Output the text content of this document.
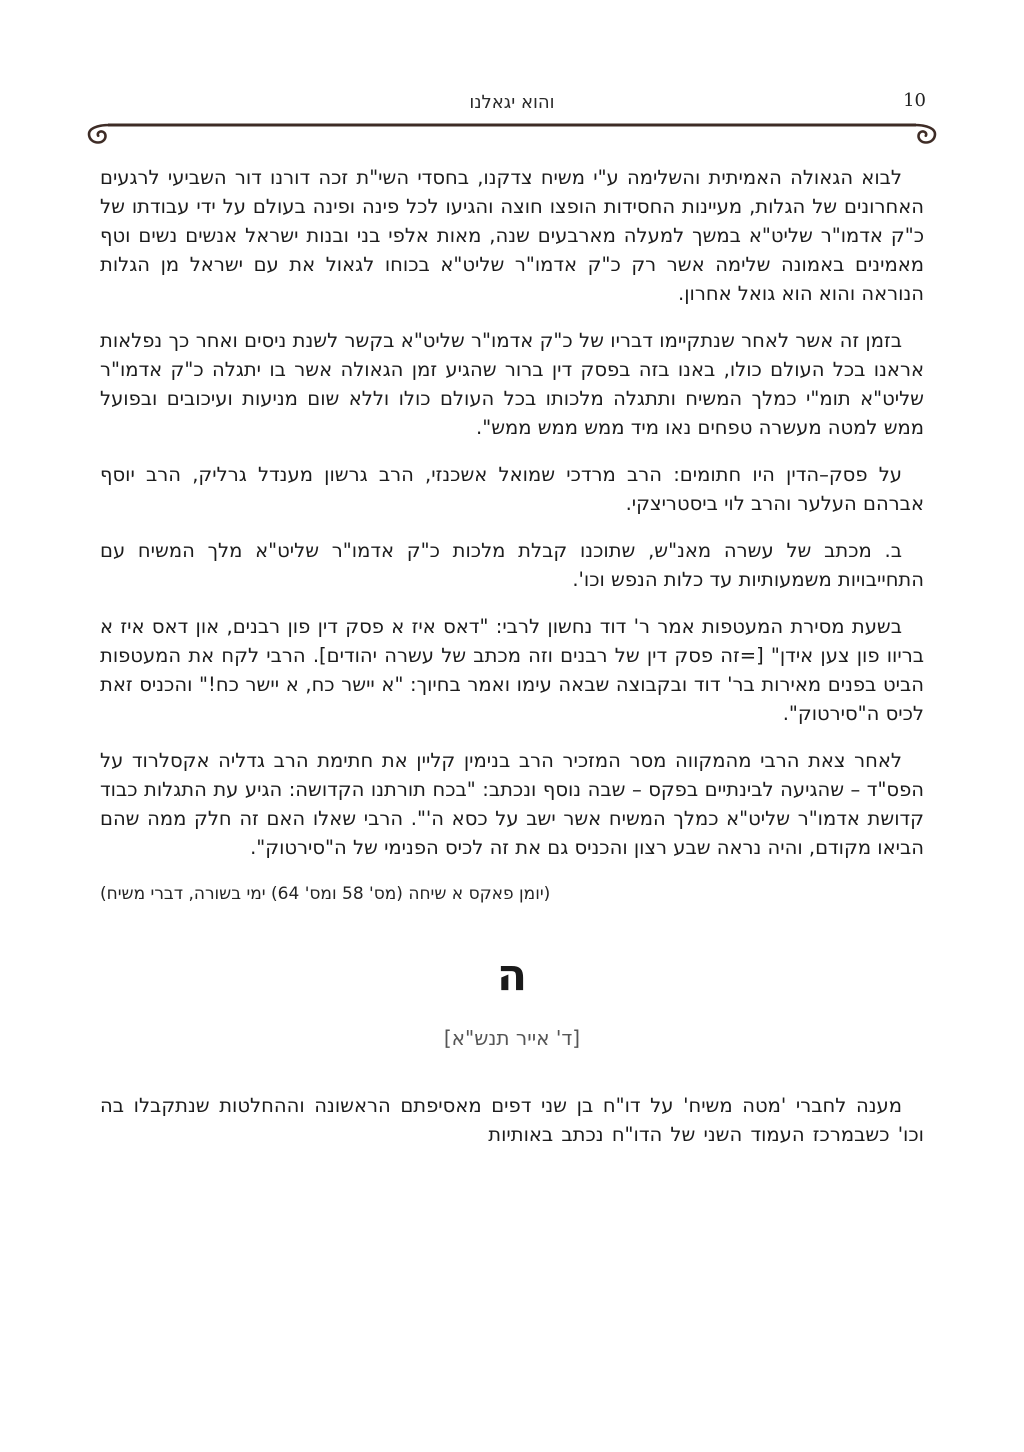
והוא יגאלנו	10

לבוא הגאולה האמיתית והשלימה ע"י משיח צדקנו, בחסדי השי"ת זכה דורנו דור השביעי לרגעים האחרונים של הגלות, מעיינות החסידות הופצו חוצה והגיעו לכל פינה ופינה בעולם על ידי עבודתו של כ"ק אדמו"ר שליט"א במשך למעלה מארבעים שנה, מאות אלפי בני ובנות ישראל אנשים נשים וטף מאמינים באמונה שלימה אשר רק כ"ק אדמו"ר שליט"א בכוחו לגאול את עם ישראל מן הגלות הנוראה והוא הוא גואל אחרון.

בזמן זה אשר לאחר שנתקיימו דבריו של כ"ק אדמו"ר שליט"א בקשר לשנת ניסים ואחר כך נפלאות אראנו בכל העולם כולו, באנו בזה בפסק דין ברור שהגיע זמן הגאולה אשר בו יתגלה כ"ק אדמו"ר שליט"א תומ"י כמלך המשיח ותתגלה מלכותו בכל העולם כולו וללא שום מניעות ועיכובים ובפועל ממש למטה מעשרה טפחים נאו מיד ממש ממש ממש".

על פסק–הדין היו חתומים: הרב מרדכי שמואל אשכנזי, הרב גרשון מענדל גרליק, הרב יוסף אברהם העלער והרב לוי ביסטריצקי.

ב. מכתב של עשרה מאנ"ש, שתוכנו קבלת מלכות כ"ק אדמו"ר שליט"א מלך המשיח עם התחייבויות משמעותיות עד כלות הנפש וכו'.

בשעת מסירת המעטפות אמר ר' דוד נחשון לרבי: "דאס איז א פסק דין פון רבנים, און דאס איז א בריוו פון צען אידן" [=זה פסק דין של רבנים וזה מכתב של עשרה יהודים]. הרבי לקח את המעטפות הביט בפנים מאירות בר' דוד ובקבוצה שבאה עימו ואמר בחיוך: "א יישר כח, א יישר כח!" והכניס זאת לכיס ה"סירטוק".

לאחר צאת הרבי מהמקווה מסר המזכיר הרב בנימין קליין את חתימת הרב גדליה אקסלרוד על הפס"ד – שהגיעה לבינתיים בפקס – שבה נוסף ונכתב: "בכח תורתנו הקדושה: הגיע עת התגלות כבוד קדושת אדמו"ר שליט"א כמלך המשיח אשר ישב על כסא ה'". הרבי שאלו האם זה חלק ממה שהם הביאו מקודם, והיה נראה שבע רצון והכניס גם את זה לכיס הפנימי של ה"סירטוק".

(יומן פאקס א שיחה (מס' 58 ומס' 64) ימי בשורה, דברי משיח)

ה
[ד' אייר תנש"א]

מענה לחברי 'מטה משיח' על דו"ח בן שני דפים מאסיפתם הראשונה וההחלטות שנתקבלו בה וכו' כשבמרכז העמוד השני של הדו"ח נכתב באותיות
